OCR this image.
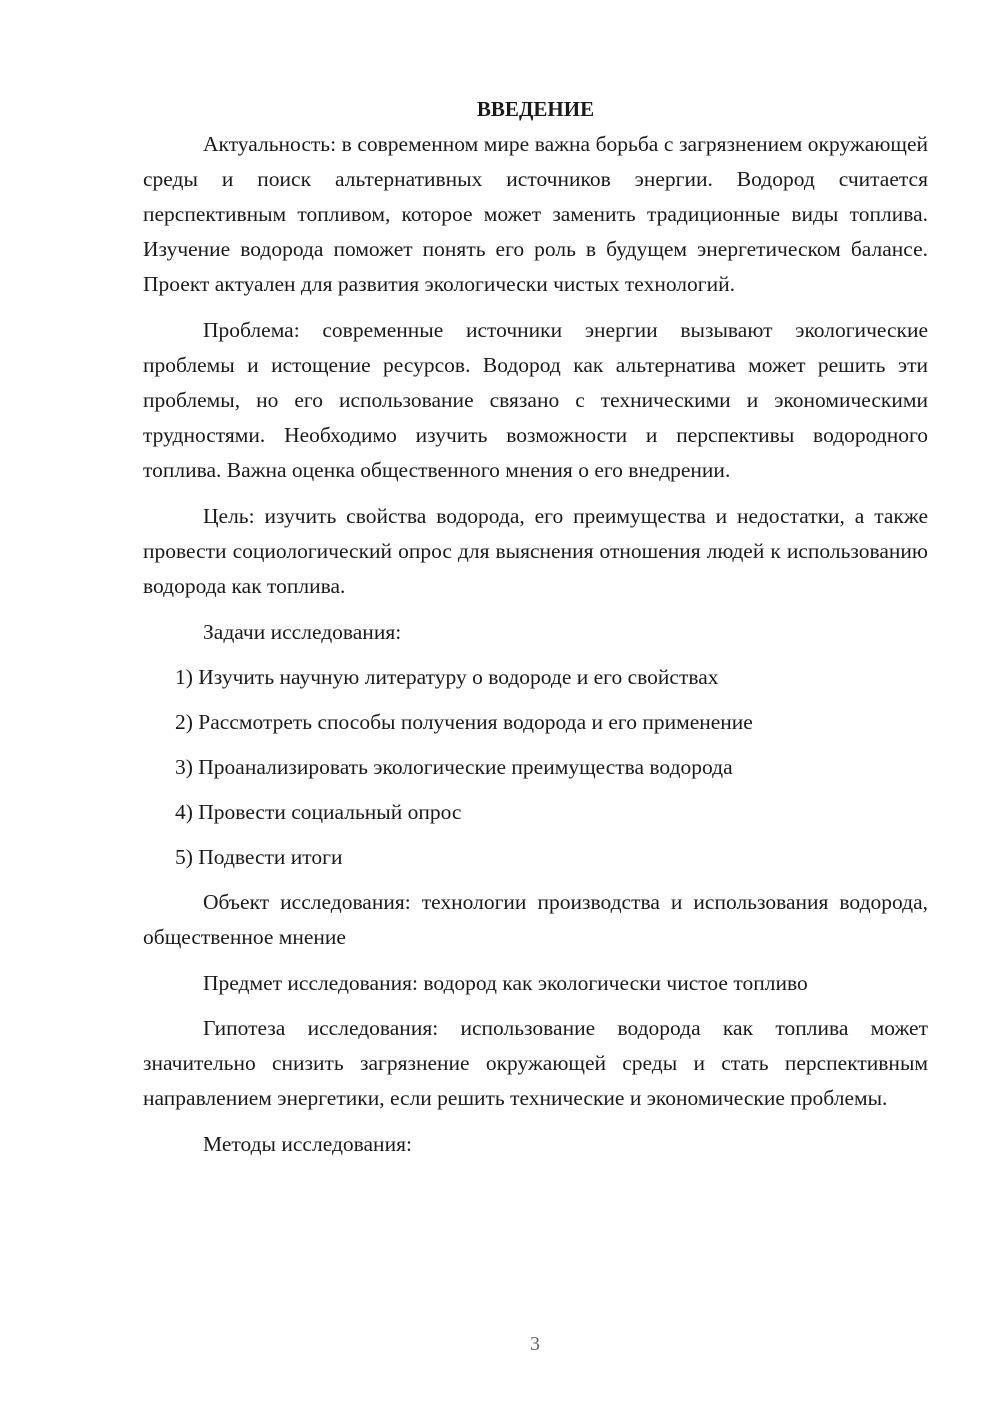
ВВЕДЕНИЕ

Актуальность: в современном мире важна борьба с загрязнением окружающей среды и поиск альтернативных источников энергии. Водород считается перспективным топливом, которое может заменить традиционные виды топлива. Изучение водорода поможет понять его роль в будущем энергетическом балансе. Проект актуален для развития экологически чистых технологий.

Проблема: современные источники энергии вызывают экологические проблемы и истощение ресурсов. Водород как альтернатива может решить эти проблемы, но его использование связано с техническими и экономическими трудностями. Необходимо изучить возможности и перспективы водородного топлива. Важна оценка общественного мнения о его внедрении.

Цель: изучить свойства водорода, его преимущества и недостатки, а также провести социологический опрос для выяснения отношения людей к использованию водорода как топлива.

Задачи исследования:

1) Изучить научную литературу о водороде и его свойствах
2) Рассмотреть способы получения водорода и его применение
3) Проанализировать экологические преимущества водорода
4) Провести социальный опрос
5) Подвести итоги

Объект исследования: технологии производства и использования водорода, общественное мнение

Предмет исследования: водород как экологически чистое топливо

Гипотеза исследования: использование водорода как топлива может значительно снизить загрязнение окружающей среды и стать перспективным направлением энергетики, если решить технические и экономические проблемы.

Методы исследования:

3
